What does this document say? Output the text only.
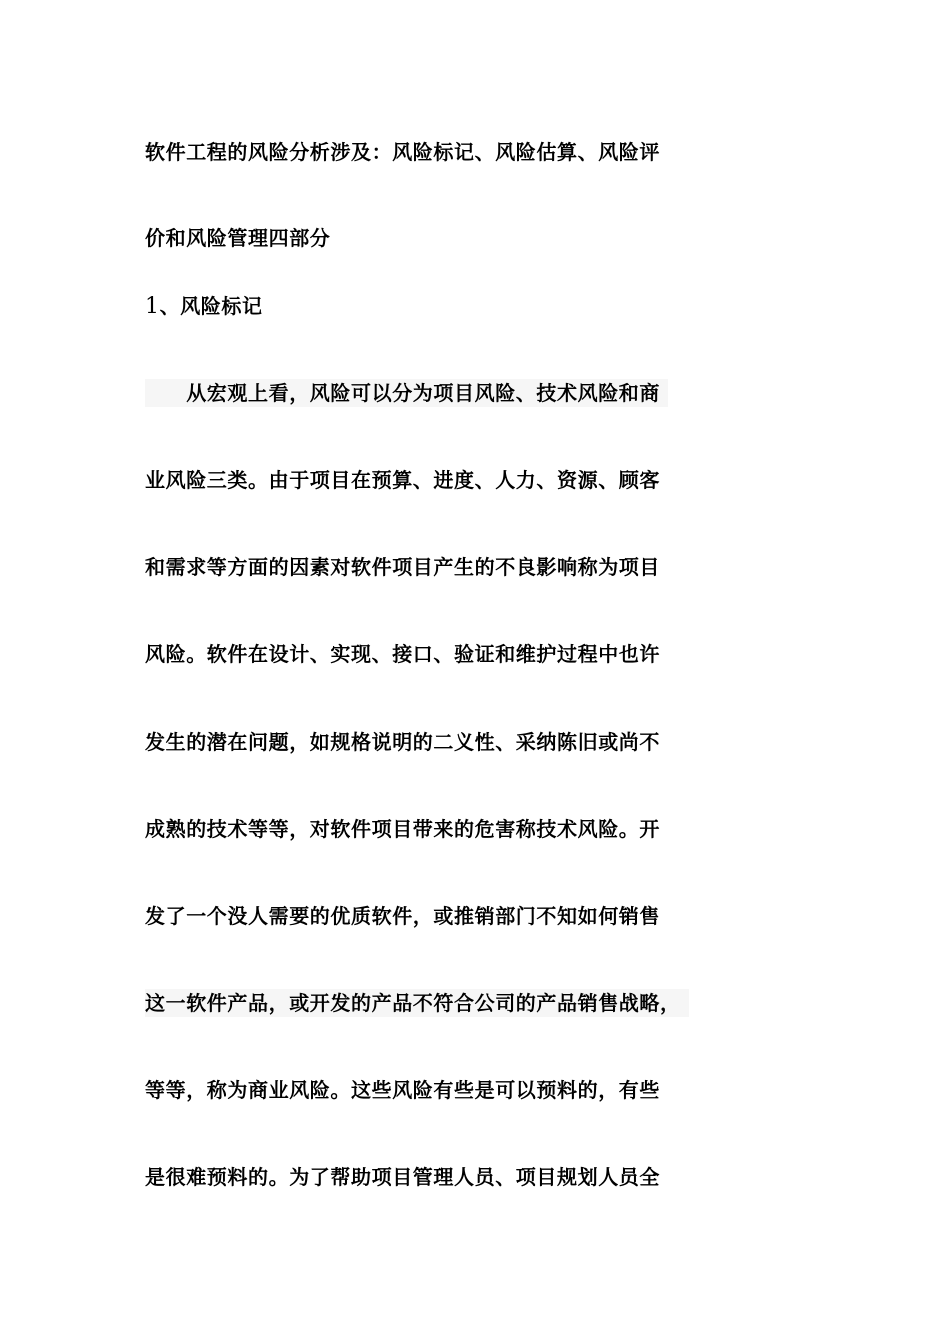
软件工程的风险分析涉及：风险标记、风险估算、风险评

价和风险管理四部分

1、风险标记

　　从宏观上看，风险可以分为项目风险、技术风险和商

业风险三类。由于项目在预算、进度、人力、资源、顾客

和需求等方面的因素对软件项目产生的不良影响称为项目

风险。软件在设计、实现、接口、验证和维护过程中也许

发生的潜在问题，如规格说明的二义性、采纳陈旧或尚不

成熟的技术等等，对软件项目带来的危害称技术风险。开

发了一个没人需要的优质软件，或推销部门不知如何销售

这一软件产品，或开发的产品不符合公司的产品销售战略，

等等，称为商业风险。这些风险有些是可以预料的，有些

是很难预料的。为了帮助项目管理人员、项目规划人员全
